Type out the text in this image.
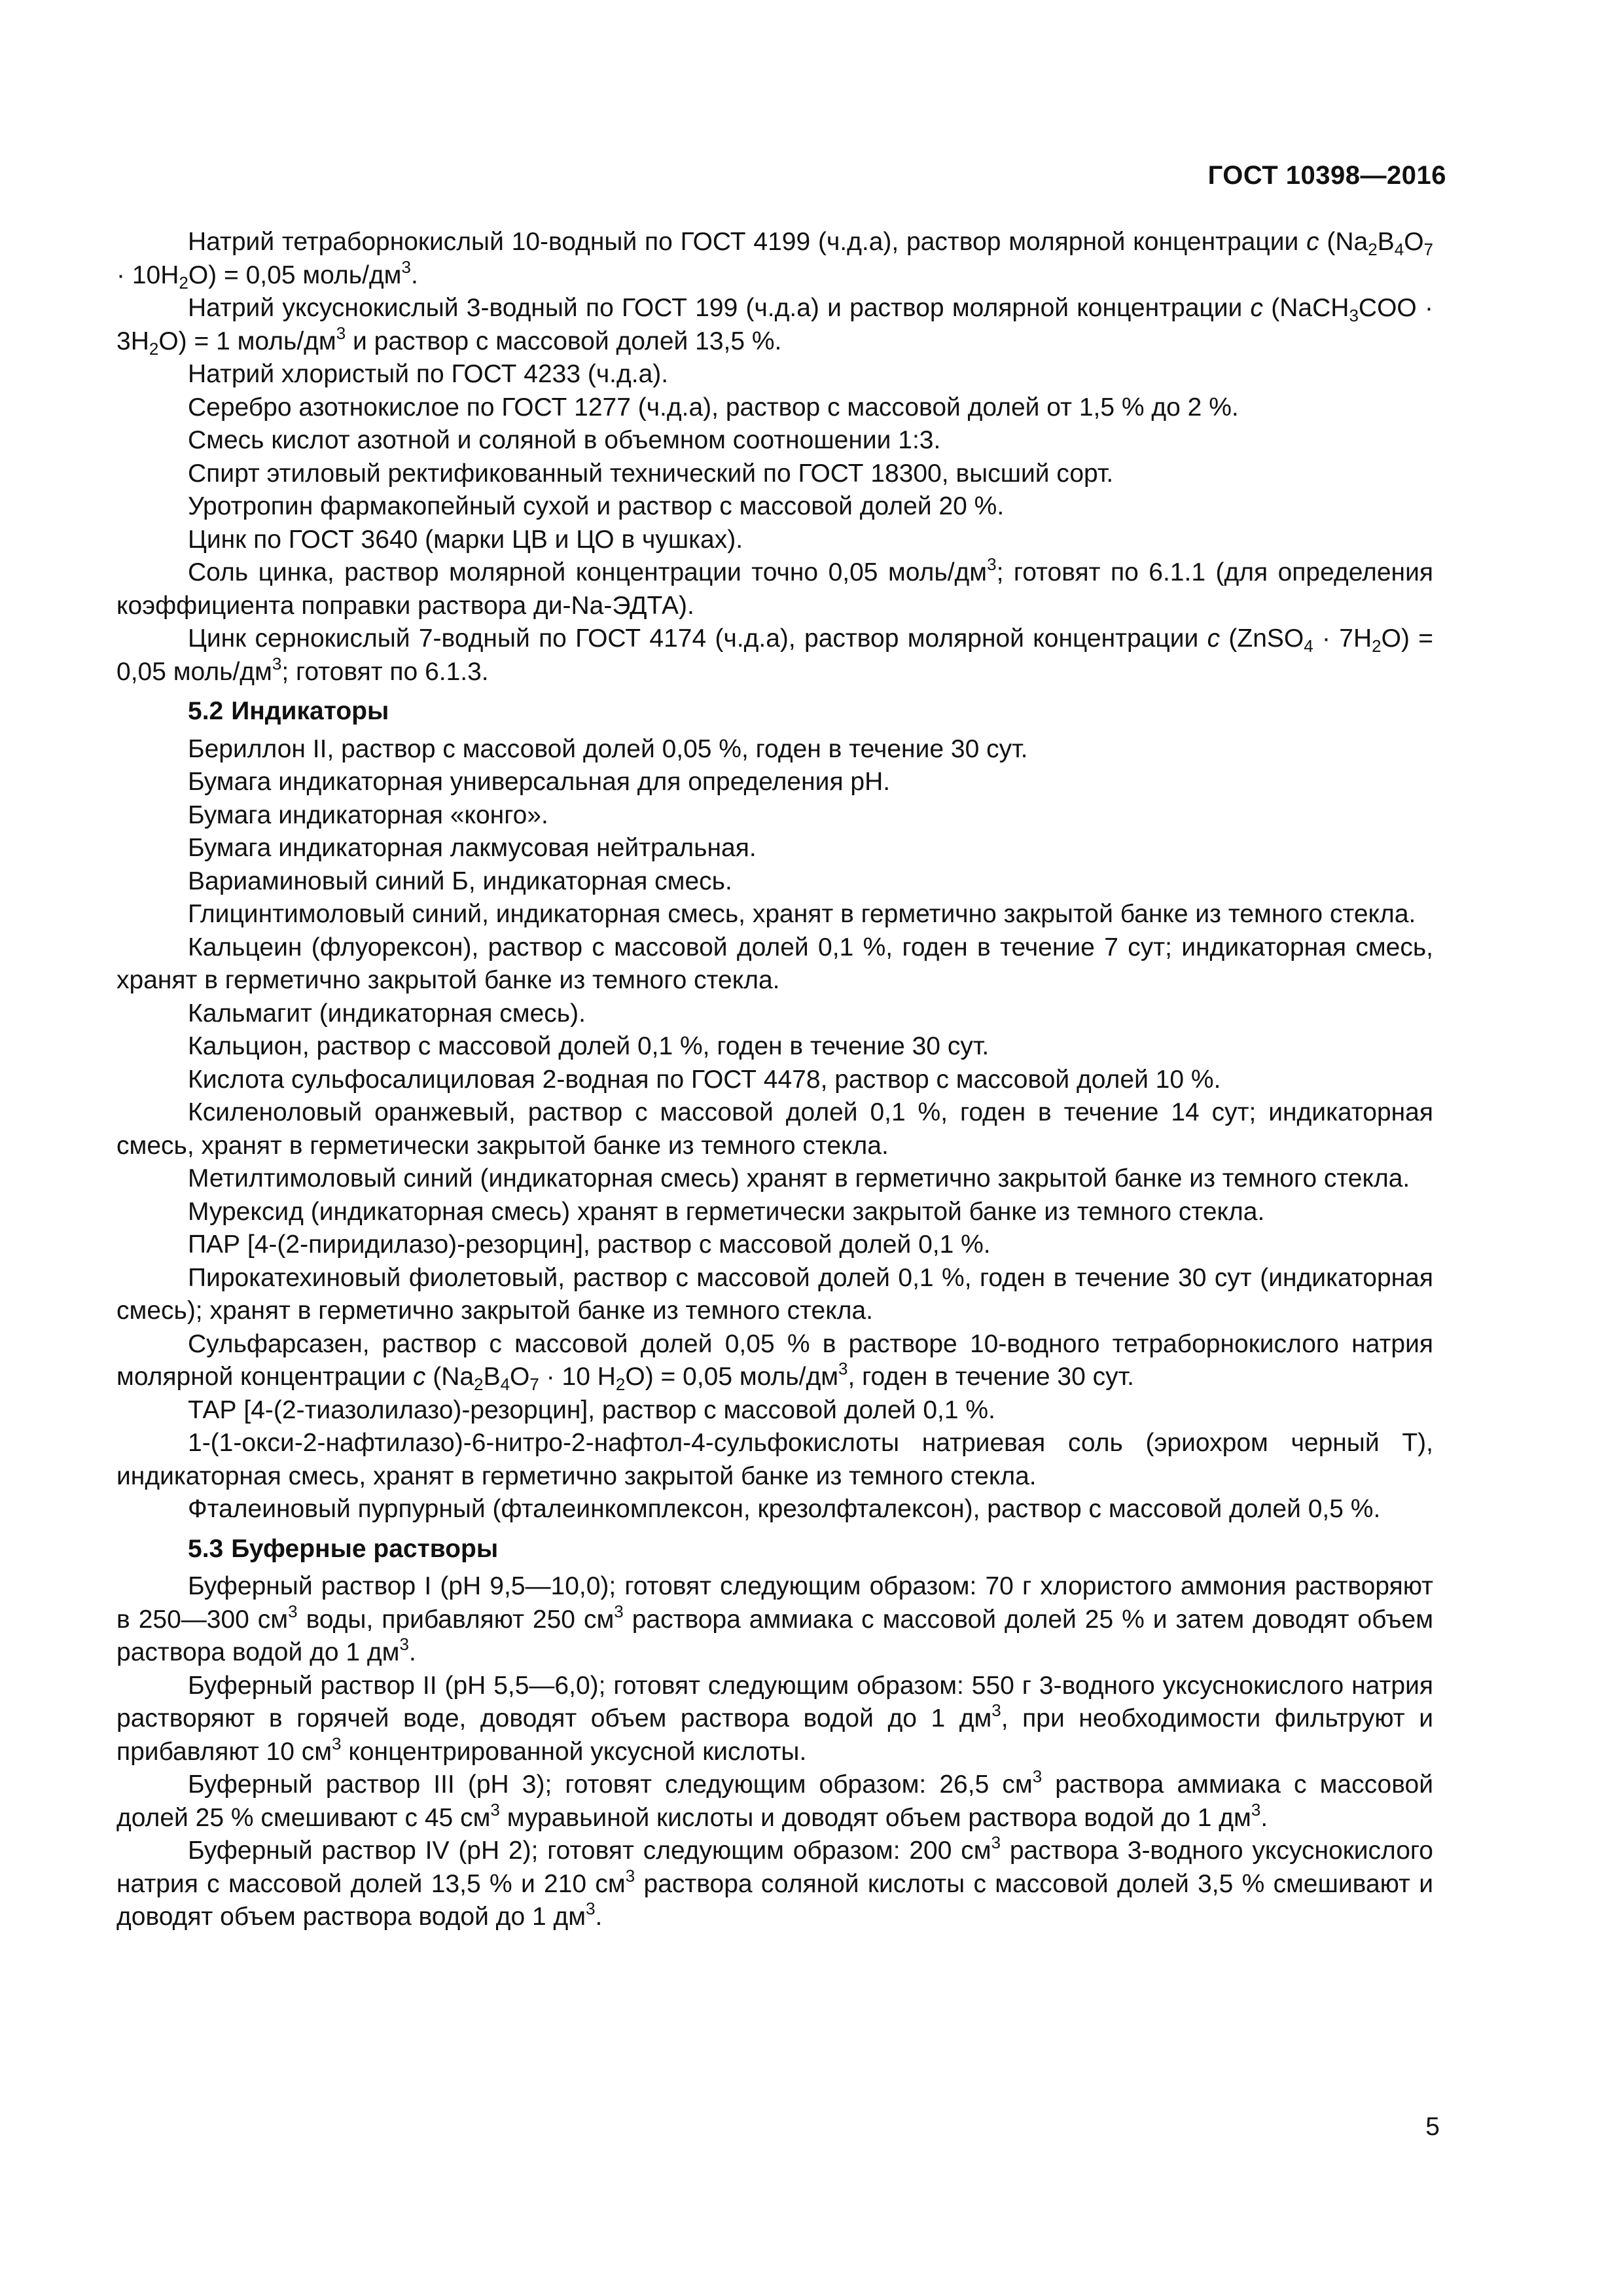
ГОСТ 10398—2016

Натрий тетраборнокислый 10-водный по ГОСТ 4199 (ч.д.а), раствор молярной концентрации c $(Na_2B_4O_7 \cdot 10H_2O) = 0,05$ моль/$дм^3$.

Натрий уксуснокислый 3-водный по ГОСТ 199 (ч.д.а) и раствор молярной концентрации c (NaCH$_3$COO · $3H_2O) = 1$ моль/$дм^3$ и раствор с массовой долей 13,5 %.

Натрий хлористый по ГОСТ 4233 (ч.д.а).

Серебро азотнокислое по ГОСТ 1277 (ч.д.а), раствор с массовой долей от 1,5 % до 2 %.

Смесь кислот азотной и соляной в объемном соотношении 1:3.

Спирт этиловый ректификованный технический по ГОСТ 18300, высший сорт.

Уротропин фармакопейный сухой и раствор с массовой долей 20 %.

Цинк по ГОСТ 3640 (марки ЦВ и ЦО в чушках).

Соль цинка, раствор молярной концентрации точно 0,05 моль/$дм^3$; готовят по 6.1.1 (для определения коэффициента поправки раствора ди-Na-ЭДТА).

Цинк сернокислый 7-водный по ГОСТ 4174 (ч.д.а), раствор молярной концентрации c (ZnSO$_4$ · $7H_2O) = 0,05$ моль/$дм^3$; готовят по 6.1.3.

5.2 Индикаторы

Бериллон II, раствор с массовой долей 0,05 %, годен в течение 30 сут.

Бумага индикаторная универсальная для определения pH.

Бумага индикаторная «конго».

Бумага индикаторная лакмусовая нейтральная.

Вариаминовый синий Б, индикаторная смесь.

Глицинтимоловый синий, индикаторная смесь, хранят в герметично закрытой банке из темного стекла.

Кальцеин (флуорексон), раствор с массовой долей 0,1 %, годен в течение 7 сут; индикаторная смесь, хранят в герметично закрытой банке из темного стекла.

Кальмагит (индикаторная смесь).

Кальцион, раствор с массовой долей 0,1 %, годен в течение 30 сут.

Кислота сульфосалициловая 2-водная по ГОСТ 4478, раствор с массовой долей 10 %.

Ксиленоловый оранжевый, раствор с массовой долей 0,1 %, годен в течение 14 сут; индикаторная смесь, хранят в герметически закрытой банке из темного стекла.

Метилтимоловый синий (индикаторная смесь) хранят в герметично закрытой банке из темного стекла.

Мурексид (индикаторная смесь) хранят в герметически закрытой банке из темного стекла.

ПАР [4-(2-пиридилазо)-резорцин], раствор с массовой долей 0,1 %.

Пирокатехиновый фиолетовый, раствор с массовой долей 0,1 %, годен в течение 30 сут (индикаторная смесь); хранят в герметично закрытой банке из темного стекла.

Сульфарсазен, раствор с массовой долей 0,05 % в растворе 10-водного тетраборнокислого натрия молярной концентрации c ($Na_2B_4O_7 \cdot 10$ $H_2O) = 0,05$ моль/$дм^3$, годен в течение 30 сут.

ТАР [4-(2-тиазолилазо)-резорцин], раствор с массовой долей 0,1 %.

1-(1-окси-2-нафтилазо)-6-нитро-2-нафтол-4-сульфокислоты натриевая соль (эриохром черный Т), индикаторная смесь, хранят в герметично закрытой банке из темного стекла.

Фталеиновый пурпурный (фталеинкомплексон, крезолфталексон), раствор с массовой долей 0,5 %.

5.3 Буферные растворы

Буферный раствор I (pH 9,5—10,0); готовят следующим образом: 70 г хлористого аммония растворяют в 250—300 $см^3$ воды, прибавляют 250 $см^3$ раствора аммиака с массовой долей 25 % и затем доводят объем раствора водой до 1 $дм^3$.

Буферный раствор II (pH 5,5—6,0); готовят следующим образом: 550 г 3-водного уксуснокислого натрия растворяют в горячей воде, доводят объем раствора водой до 1 $дм^3$, при необходимости фильтруют и прибавляют 10 $см^3$ концентрированной уксусной кислоты.

Буферный раствор III (pH 3); готовят следующим образом: 26,5 $см^3$ раствора аммиака с массовой долей 25 % смешивают с 45 $см^3$ муравьиной кислоты и доводят объем раствора водой до 1 $дм^3$.

Буферный раствор IV (pH 2); готовят следующим образом: 200 $см^3$ раствора 3-водного уксуснокислого натрия с массовой долей 13,5 % и 210 $см^3$ раствора соляной кислоты с массовой долей 3,5 % смешивают и доводят объем раствора водой до 1 $дм^3$.

5
